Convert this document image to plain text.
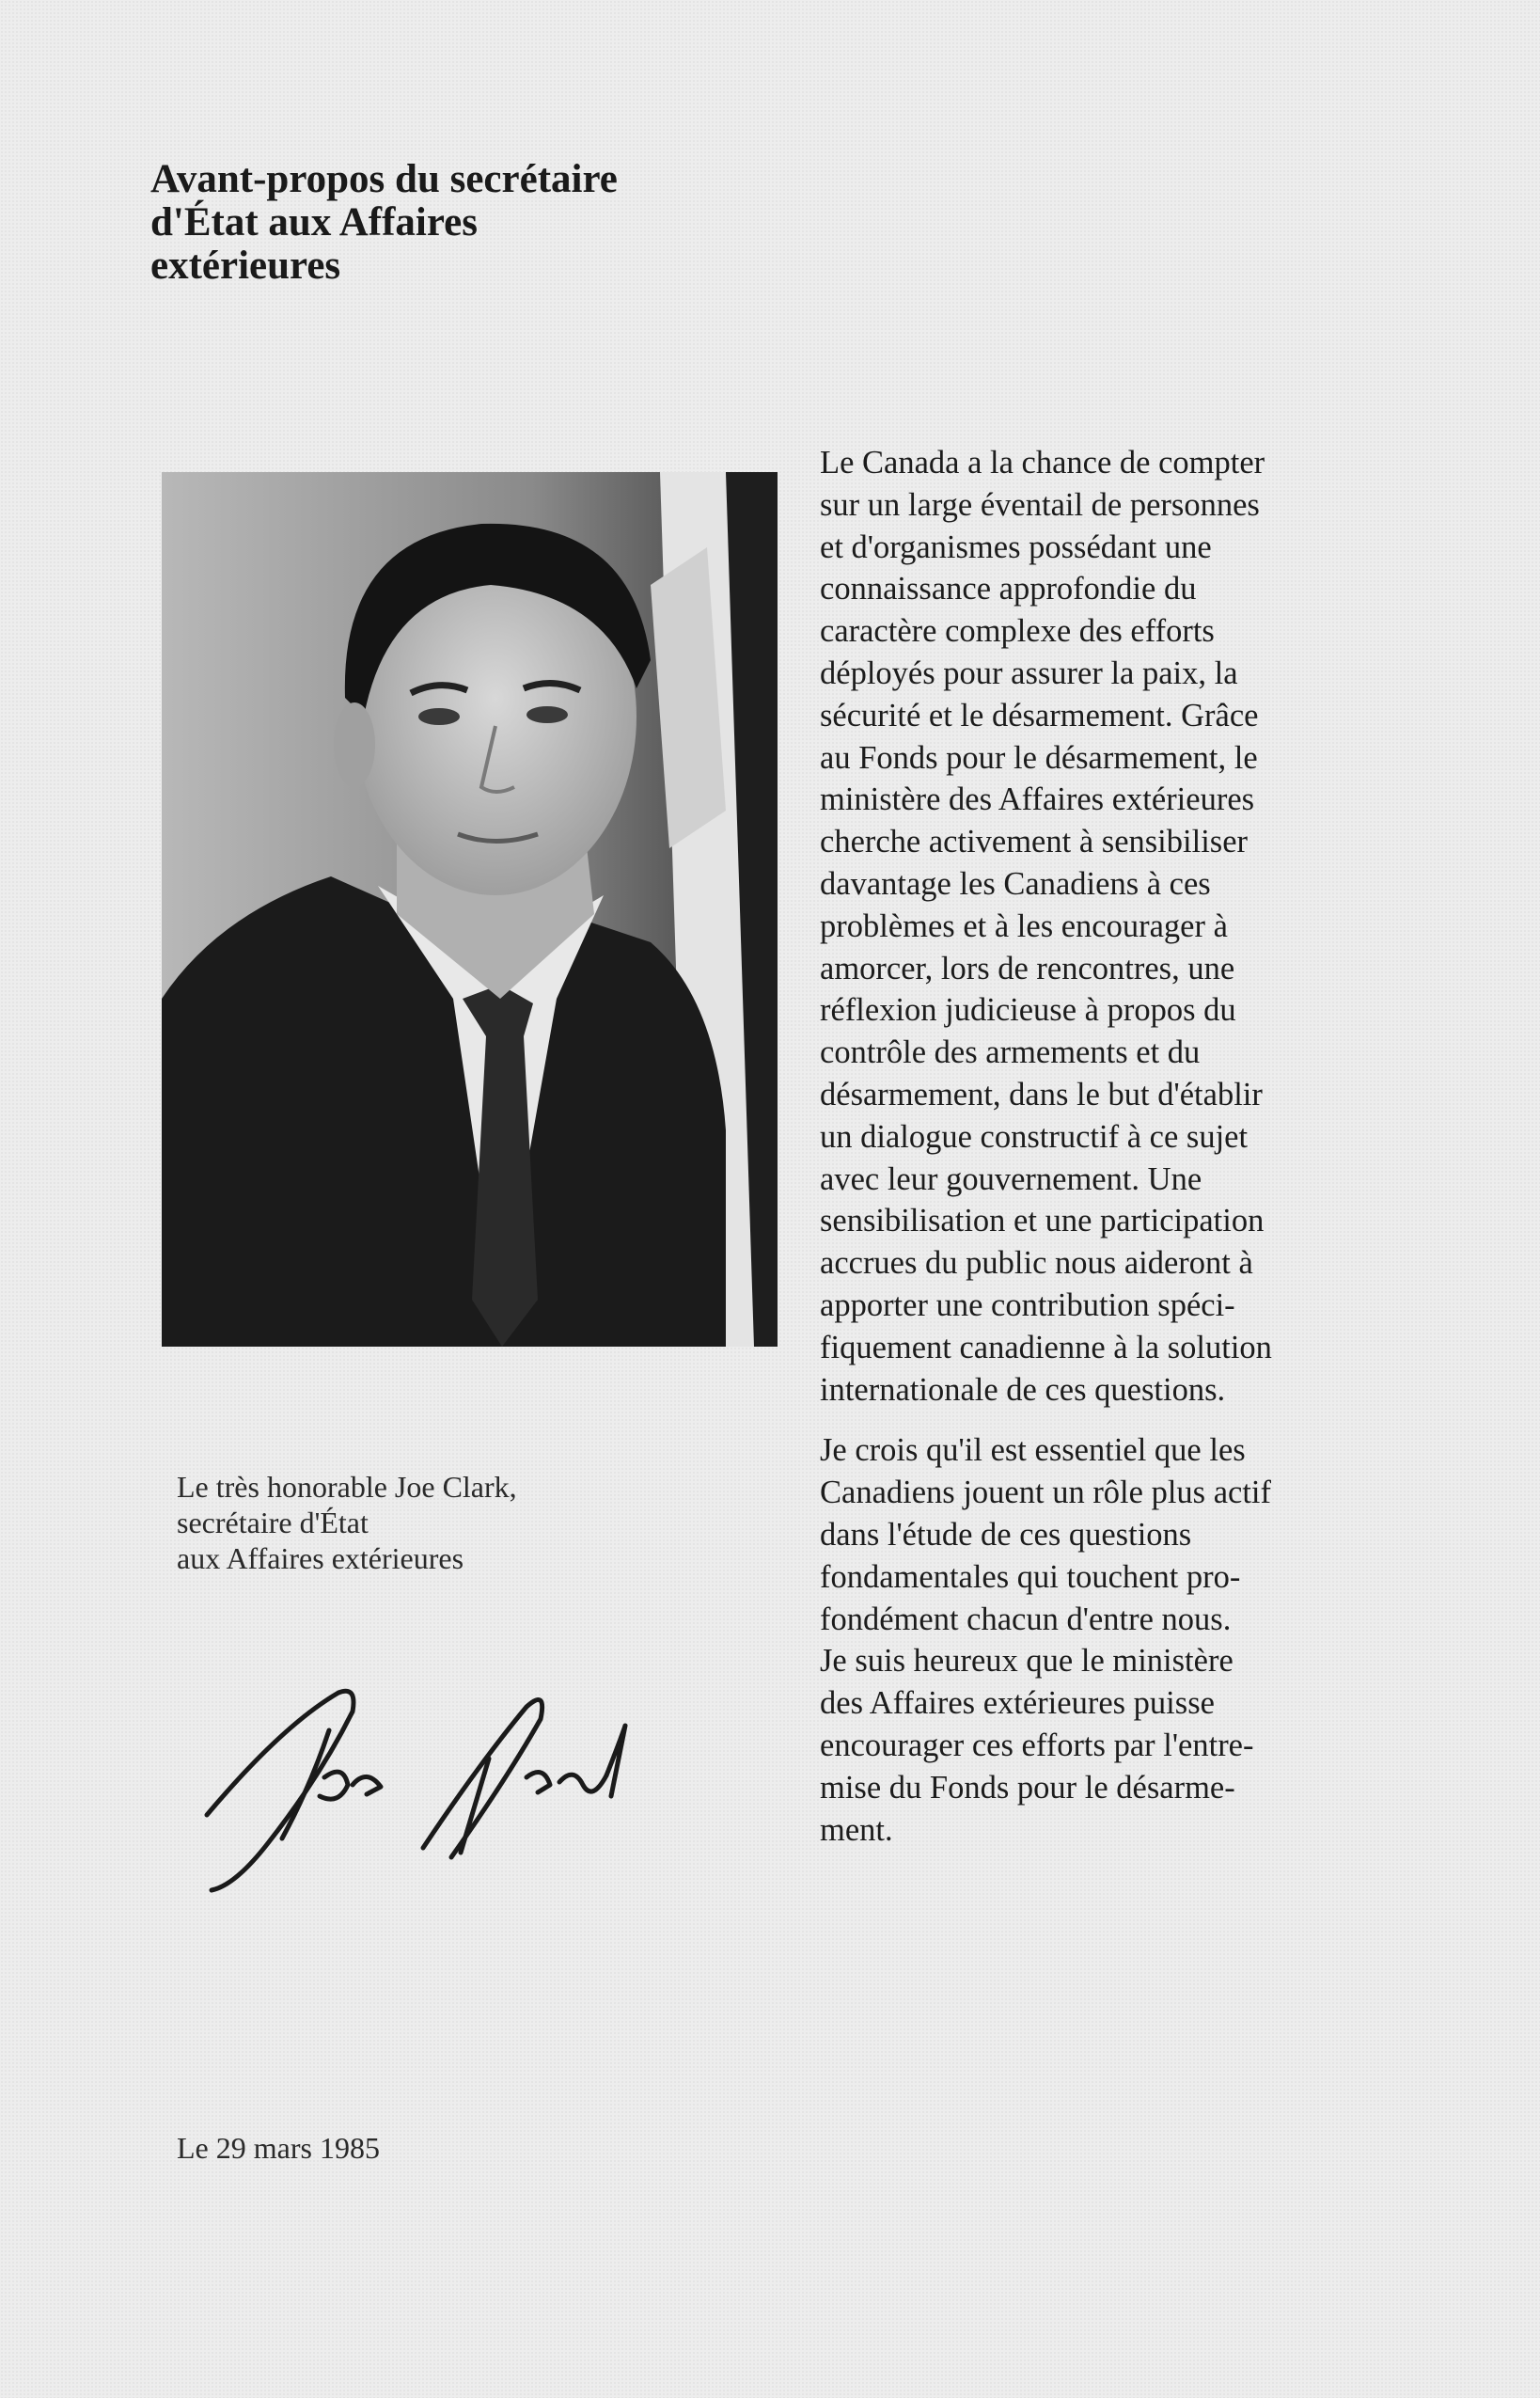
Avant-propos du secrétaire
d'État aux Affaires
extérieures
Le très honorable Joe Clark,
secrétaire d'État
aux Affaires extérieures
Le 29 mars 1985

Le Canada a la chance de compter
sur un large éventail de personnes
et d'organismes possédant une
connaissance approfondie du
caractère complexe des efforts
déployés pour assurer la paix, la
sécurité et le désarmement. Grâce
au Fonds pour le désarmement, le
ministère des Affaires extérieures
cherche activement à sensibiliser
davantage les Canadiens à ces
problèmes et à les encourager à
amorcer, lors de rencontres, une
réflexion judicieuse à propos du
contrôle des armements et du
désarmement, dans le but d'établir
un dialogue constructif à ce sujet
avec leur gouvernement. Une
sensibilisation et une participation
accrues du public nous aideront à
apporter une contribution spéci-
fiquement canadienne à la solution
internationale de ces questions.

Je crois qu'il est essentiel que les
Canadiens jouent un rôle plus actif
dans l'étude de ces questions
fondamentales qui touchent pro-
fondément chacun d'entre nous.
Je suis heureux que le ministère
des Affaires extérieures puisse
encourager ces efforts par l'entre-
mise du Fonds pour le désarme-
ment.
